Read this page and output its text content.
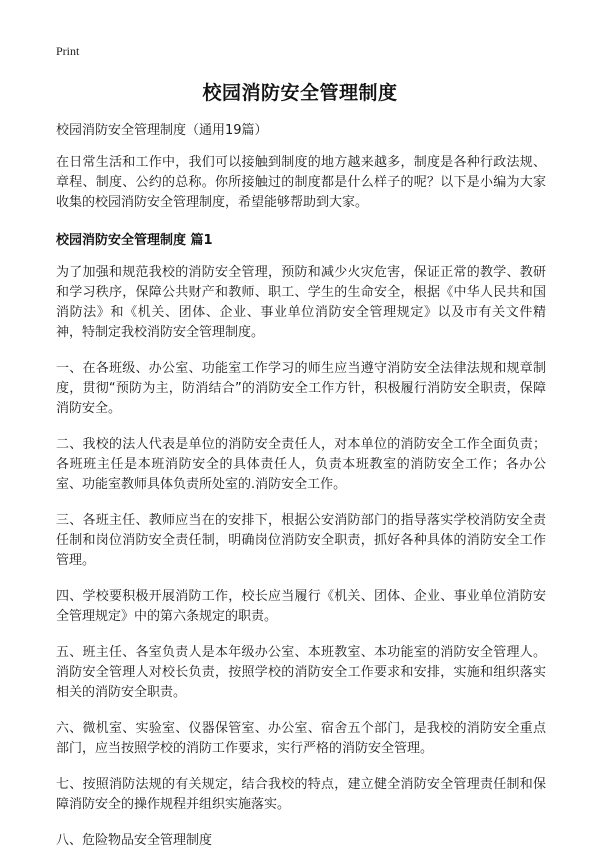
Print
校园消防安全管理制度

校园消防安全管理制度（通用19篇）

在日常生活和工作中，我们可以接触到制度的地方越来越多，制度是各种行政法规、章程、制度、公约的总称。你所接触过的制度都是什么样子的呢？以下是小编为大家收集的校园消防安全管理制度，希望能够帮助到大家。

校园消防安全管理制度 篇1

为了加强和规范我校的消防安全管理，预防和减少火灾危害，保证正常的教学、教研和学习秩序，保障公共财产和教师、职工、学生的生命安全，根据《中华人民共和国消防法》和《机关、团体、企业、事业单位消防安全管理规定》以及市有关文件精神，特制定我校消防安全管理制度。

一、在各班级、办公室、功能室工作学习的师生应当遵守消防安全法律法规和规章制度，贯彻“预防为主，防消结合”的消防安全工作方针，积极履行消防安全职责，保障消防安全。

二、我校的法人代表是单位的消防安全责任人，对本单位的消防安全工作全面负责；各班班主任是本班消防安全的具体责任人，负责本班教室的消防安全工作；各办公室、功能室教师具体负责所处室的.消防安全工作。

三、各班主任、教师应当在的安排下，根据公安消防部门的指导落实学校消防安全责任制和岗位消防安全责任制，明确岗位消防安全职责，抓好各种具体的消防安全工作管理。

四、学校要积极开展消防工作，校长应当履行《机关、团体、企业、事业单位消防安全管理规定》中的第六条规定的职责。

五、班主任、各室负责人是本年级办公室、本班教室、本功能室的消防安全管理人。消防安全管理人对校长负责，按照学校的消防安全工作要求和安排，实施和组织落实相关的消防安全职责。

六、微机室、实验室、仪器保管室、办公室、宿舍五个部门，是我校的消防安全重点部门，应当按照学校的消防工作要求，实行严格的消防安全管理。

七、按照消防法规的有关规定，结合我校的特点，建立健全消防安全管理责任制和保障消防安全的操作规程并组织实施落实。

八、危险物品安全管理制度
